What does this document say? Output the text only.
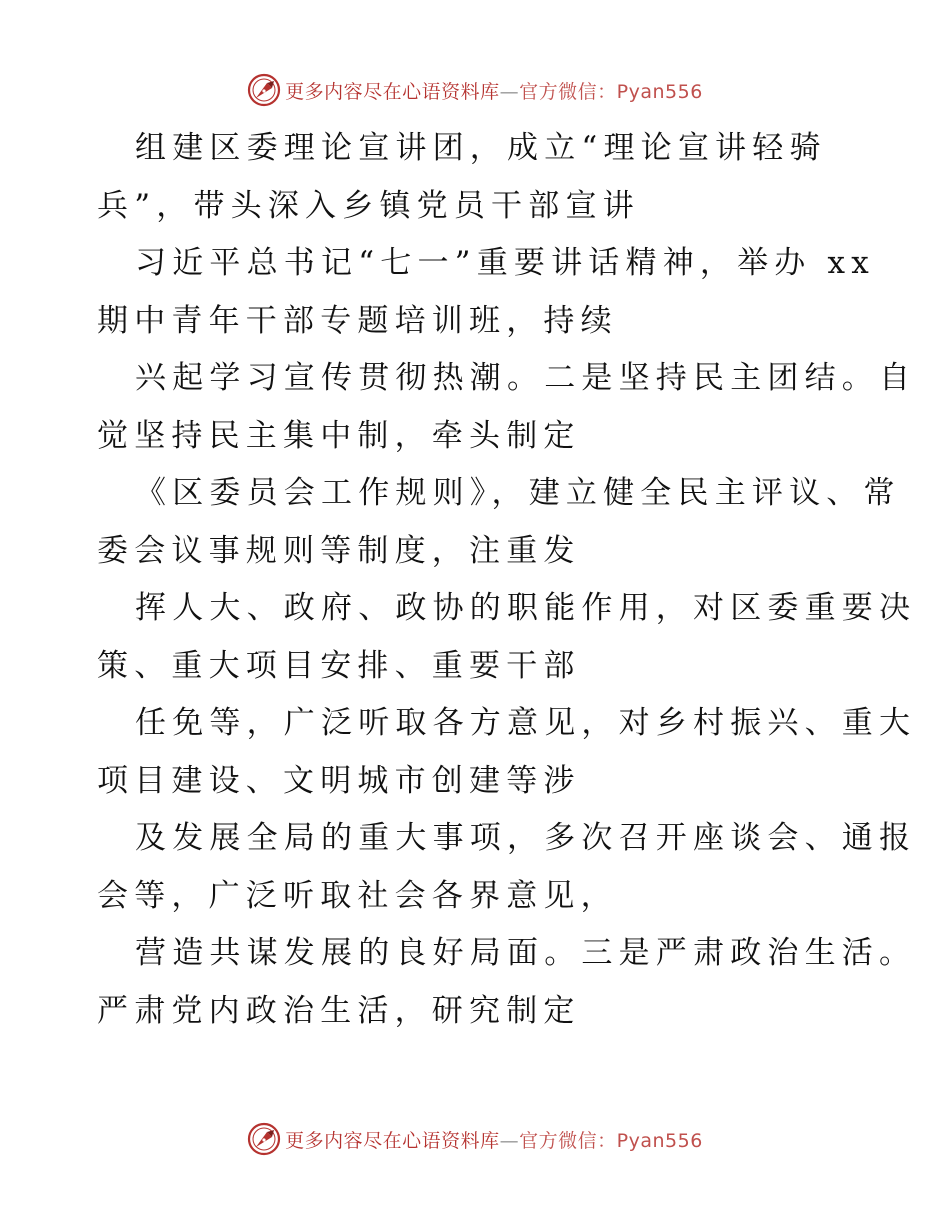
更多内容尽在心语资料库—官方微信：Pyan556
组建区委理论宣讲团，成立“理论宣讲轻骑
兵”，带头深入乡镇党员干部宣讲
习近平总书记“七一”重要讲话精神，举办 xx
期中青年干部专题培训班，持续
兴起学习宣传贯彻热潮。二是坚持民主团结。自
觉坚持民主集中制，牵头制定
《区委员会工作规则》，建立健全民主评议、常
委会议事规则等制度，注重发
挥人大、政府、政协的职能作用，对区委重要决
策、重大项目安排、重要干部
任免等，广泛听取各方意见，对乡村振兴、重大
项目建设、文明城市创建等涉
及发展全局的重大事项，多次召开座谈会、通报
会等，广泛听取社会各界意见，
营造共谋发展的良好局面。三是严肃政治生活。
严肃党内政治生活，研究制定
更多内容尽在心语资料库—官方微信：Pyan556
